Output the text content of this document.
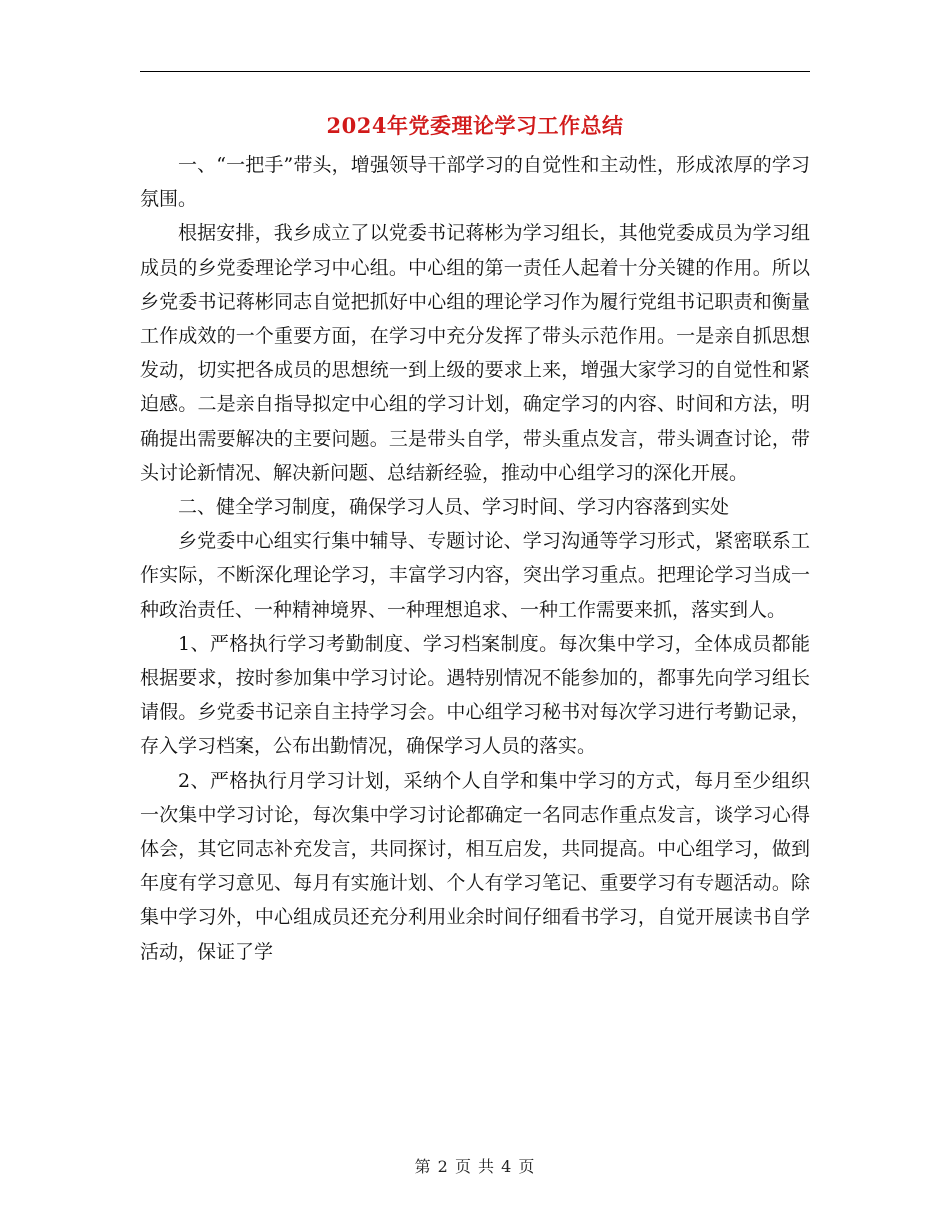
2024年党委理论学习工作总结

一、“一把手”带头，增强领导干部学习的自觉性和主动性，形成浓厚的学习氛围。

根据安排，我乡成立了以党委书记蒋彬为学习组长，其他党委成员为学习组成员的乡党委理论学习中心组。中心组的第一责任人起着十分关键的作用。所以乡党委书记蒋彬同志自觉把抓好中心组的理论学习作为履行党组书记职责和衡量工作成效的一个重要方面，在学习中充分发挥了带头示范作用。一是亲自抓思想发动，切实把各成员的思想统一到上级的要求上来，增强大家学习的自觉性和紧迫感。二是亲自指导拟定中心组的学习计划，确定学习的内容、时间和方法，明确提出需要解决的主要问题。三是带头自学，带头重点发言，带头调查讨论，带头讨论新情况、解决新问题、总结新经验，推动中心组学习的深化开展。

二、健全学习制度，确保学习人员、学习时间、学习内容落到实处

乡党委中心组实行集中辅导、专题讨论、学习沟通等学习形式，紧密联系工作实际，不断深化理论学习，丰富学习内容，突出学习重点。把理论学习当成一种政治责任、一种精神境界、一种理想追求、一种工作需要来抓，落实到人。

1、严格执行学习考勤制度、学习档案制度。每次集中学习，全体成员都能根据要求，按时参加集中学习讨论。遇特别情况不能参加的，都事先向学习组长请假。乡党委书记亲自主持学习会。中心组学习秘书对每次学习进行考勤记录，存入学习档案，公布出勤情况，确保学习人员的落实。

2、严格执行月学习计划，采纳个人自学和集中学习的方式，每月至少组织一次集中学习讨论，每次集中学习讨论都确定一名同志作重点发言，谈学习心得体会，其它同志补充发言，共同探讨，相互启发，共同提高。中心组学习，做到年度有学习意见、每月有实施计划、个人有学习笔记、重要学习有专题活动。除集中学习外，中心组成员还充分利用业余时间仔细看书学习，自觉开展读书自学活动，保证了学

第 2 页 共 4 页
